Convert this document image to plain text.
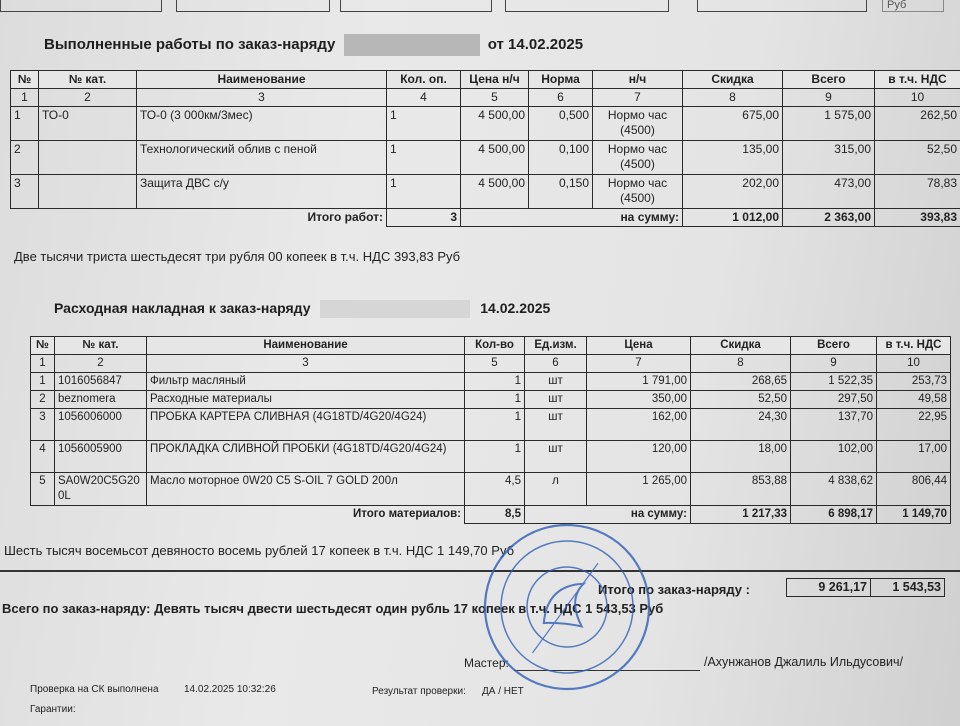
Руб
Выполненные работы по заказ-наряду	от 14.02.2025
№	№ кат.	Наименование	Кол. оп.	Цена н/ч	Норма	н/ч	Скидка	Всего	в т.ч. НДС
1	2	3	4	5	6	7	8	9	10
1	ТО-0	ТО-0 (3 000км/3мес)	1	4 500,00	0,500	Нормо час (4500)	675,00	1 575,00	262,50
2		Технологический облив с пеной	1	4 500,00	0,100	Нормо час (4500)	135,00	315,00	52,50
3		Защита ДВС с/у	1	4 500,00	0,150	Нормо час (4500)	202,00	473,00	78,83
Итого работ:			3	на сумму:			1 012,00	2 363,00	393,83
Две тысячи триста шестьдесят три рубля 00 копеек в т.ч. НДС 393,83 Руб
Расходная накладная к заказ-наряду	14.02.2025
№	№ кат.	Наименование	Кол-во	Ед.изм.	Цена	Скидка	Всего	в т.ч. НДС
1	2	3	5	6	7	8	9	10
1	1016056847	Фильтр масляный	1	шт	1 791,00	268,65	1 522,35	253,73
2	beznomera	Расходные материалы	1	шт	350,00	52,50	297,50	49,58
3	1056006000	ПРОБКА КАРТЕРА СЛИВНАЯ (4G18TD/4G20/4G24)	1	шт	162,00	24,30	137,70	22,95
4	1056005900	ПРОКЛАДКА СЛИВНОЙ ПРОБКИ (4G18TD/4G20/4G24)	1	шт	120,00	18,00	102,00	17,00
5	SA0W20C5G200L	Масло моторное 0W20 C5 S-OIL 7 GOLD 200л	4,5	л	1 265,00	853,88	4 838,62	806,44
Итого материалов:			8,5	на сумму:		1 217,33	6 898,17	1 149,70
Шесть тысяч восемьсот девяносто восемь рублей 17 копеек в т.ч. НДС 1 149,70 Руб
Итого по заказ-наряду :	9 261,17	1 543,53
Всего по заказ-наряду: Девять тысяч двести шестьдесят один рубль 17 копеек в т.ч. НДС 1 543,53 Руб
Мастер:	/Ахунжанов Джалиль Ильдусович/
Проверка на СК выполнена	14.02.2025 10:32:26	Результат проверки: ДА / НЕТ
Гарантии:
